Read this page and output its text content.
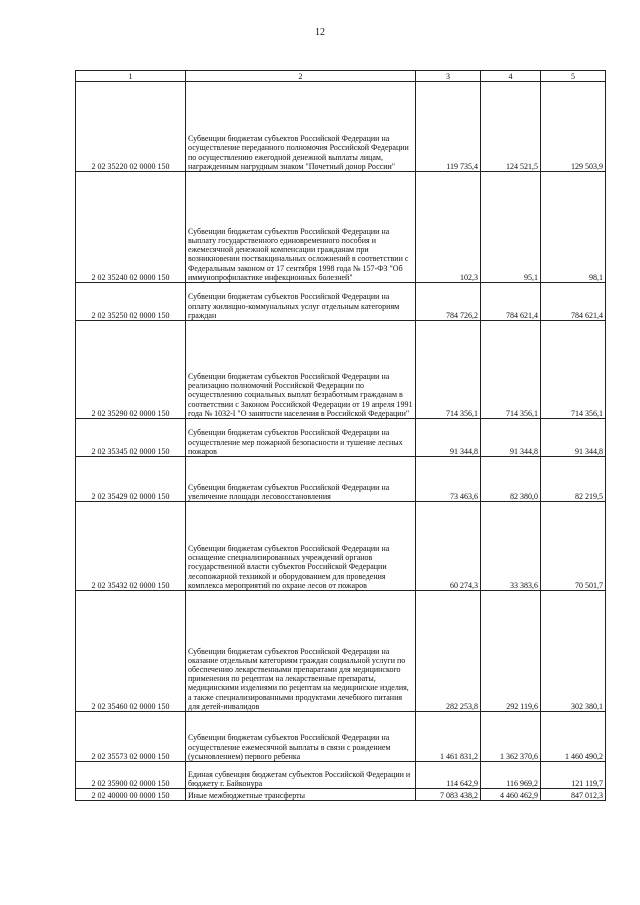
12
1	2	3	4	5
2 02 35220 02 0000 150	Субвенции бюджетам субъектов Российской Федерации на осуществление переданного полномочия Российской Федерации по осуществлению ежегодной денежной выплаты лицам, награжденным нагрудным знаком "Почетный донор России"	119 735,4	124 521,5	129 503,9
2 02 35240 02 0000 150	Субвенции бюджетам субъектов Российской Федерации на выплату государственного единовременного пособия и ежемесячной денежной компенсации гражданам при возникновении поствакцинальных осложнений в соответствии с Федеральным законом от 17 сентября 1998 года № 157-ФЗ "Об иммунопрофилактике инфекционных болезней"	102,3	95,1	98,1
2 02 35250 02 0000 150	Субвенции бюджетам субъектов Российской Федерации на оплату жилищно-коммунальных услуг отдельным категориям граждан	784 726,2	784 621,4	784 621,4
2 02 35290 02 0000 150	Субвенции бюджетам субъектов Российской Федерации на реализацию полномочий Российской Федерации по осуществлению социальных выплат безработным гражданам в соответствии с Законом Российской Федерации от 19 апреля 1991 года № 1032-I "О занятости населения в Российской Федерации"	714 356,1	714 356,1	714 356,1
2 02 35345 02 0000 150	Субвенции бюджетам субъектов Российской Федерации на осуществление мер пожарной безопасности и тушение лесных пожаров	91 344,8	91 344,8	91 344,8
2 02 35429 02 0000 150	Субвенции бюджетам субъектов Российской Федерации на увеличение площади лесовосстановления	73 463,6	82 380,0	82 219,5
2 02 35432 02 0000 150	Субвенции бюджетам субъектов Российской Федерации на оснащение специализированных учреждений органов государственной власти субъектов Российской Федерации лесопожарной техникой и оборудованием для проведения комплекса мероприятий по охране лесов от пожаров	60 274,3	33 383,6	70 501,7
2 02 35460 02 0000 150	Субвенции бюджетам субъектов Российской Федерации на оказание отдельным категориям граждан социальной услуги по обеспечению лекарственными препаратами для медицинского применения по рецептам на лекарственные препараты, медицинскими изделиями по рецептам на медицинские изделия, а также специализированными продуктами лечебного питания для детей-инвалидов	282 253,8	292 119,6	302 380,1
2 02 35573 02 0000 150	Субвенции бюджетам субъектов Российской Федерации на осуществление ежемесячной выплаты в связи с рождением (усыновлением) первого ребенка	1 461 831,2	1 362 370,6	1 460 490,2
2 02 35900 02 0000 150	Единая субвенция бюджетам субъектов Российской Федерации и бюджету г. Байконура	114 642,9	116 969,2	121 119,7
2 02 40000 00 0000 150	Иные межбюджетные трансферты	7 083 438,2	4 460 462,9	847 012,3
